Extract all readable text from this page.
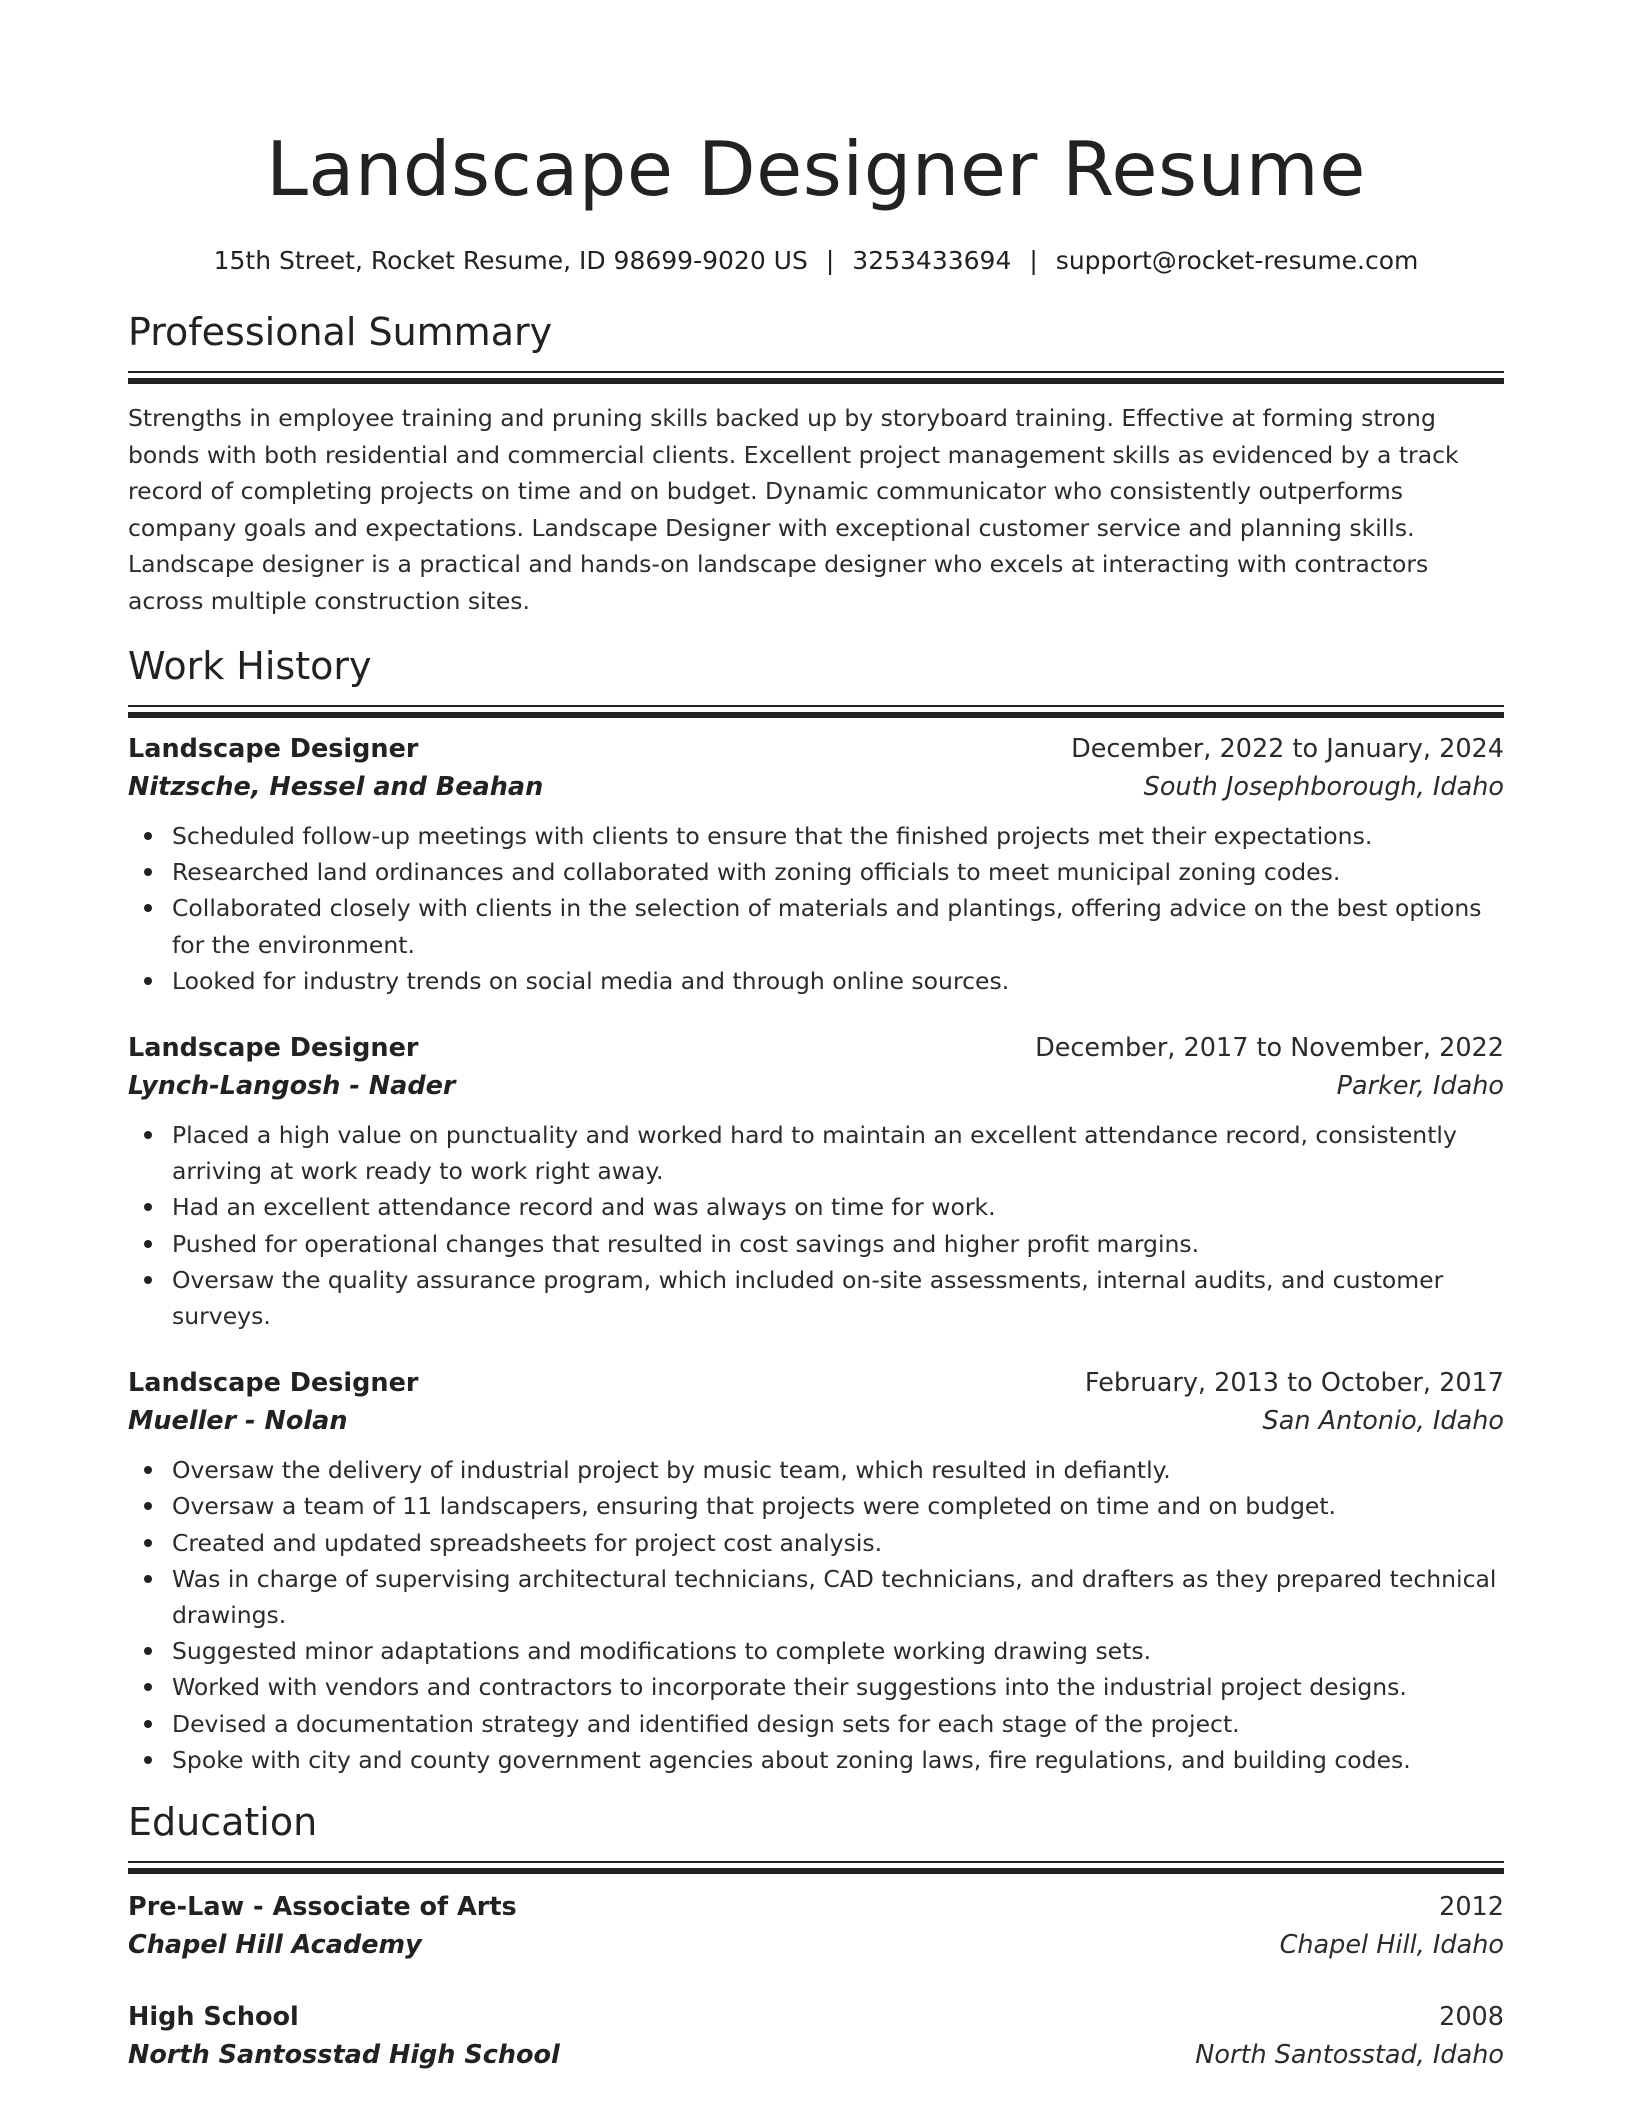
Landscape Designer Resume
15th Street, Rocket Resume, ID 98699-9020 US | 3253433694 | support@rocket-resume.com
Professional Summary

Strengths in employee training and pruning skills backed up by storyboard training. Effective at forming strong bonds with both residential and commercial clients. Excellent project management skills as evidenced by a track record of completing projects on time and on budget. Dynamic communicator who consistently outperforms company goals and expectations. Landscape Designer with exceptional customer service and planning skills. Landscape designer is a practical and hands-on landscape designer who excels at interacting with contractors across multiple construction sites.

Work History
Landscape Designer	December, 2022 to January, 2024
Nitzsche, Hessel and Beahan	South Josephborough, Idaho
Scheduled follow-up meetings with clients to ensure that the finished projects met their expectations.
Researched land ordinances and collaborated with zoning officials to meet municipal zoning codes.
Collaborated closely with clients in the selection of materials and plantings, offering advice on the best options for the environment.
Looked for industry trends on social media and through online sources.
Landscape Designer	December, 2017 to November, 2022
Lynch-Langosh - Nader	Parker, Idaho
Placed a high value on punctuality and worked hard to maintain an excellent attendance record, consistently arriving at work ready to work right away.
Had an excellent attendance record and was always on time for work.
Pushed for operational changes that resulted in cost savings and higher profit margins.
Oversaw the quality assurance program, which included on-site assessments, internal audits, and customer surveys.
Landscape Designer	February, 2013 to October, 2017
Mueller - Nolan	San Antonio, Idaho
Oversaw the delivery of industrial project by music team, which resulted in defiantly.
Oversaw a team of 11 landscapers, ensuring that projects were completed on time and on budget.
Created and updated spreadsheets for project cost analysis.
Was in charge of supervising architectural technicians, CAD technicians, and drafters as they prepared technical drawings.
Suggested minor adaptations and modifications to complete working drawing sets.
Worked with vendors and contractors to incorporate their suggestions into the industrial project designs.
Devised a documentation strategy and identified design sets for each stage of the project.
Spoke with city and county government agencies about zoning laws, fire regulations, and building codes.
Education
Pre-Law - Associate of Arts	2012
Chapel Hill Academy	Chapel Hill, Idaho
High School	2008
North Santosstad High School	North Santosstad, Idaho
